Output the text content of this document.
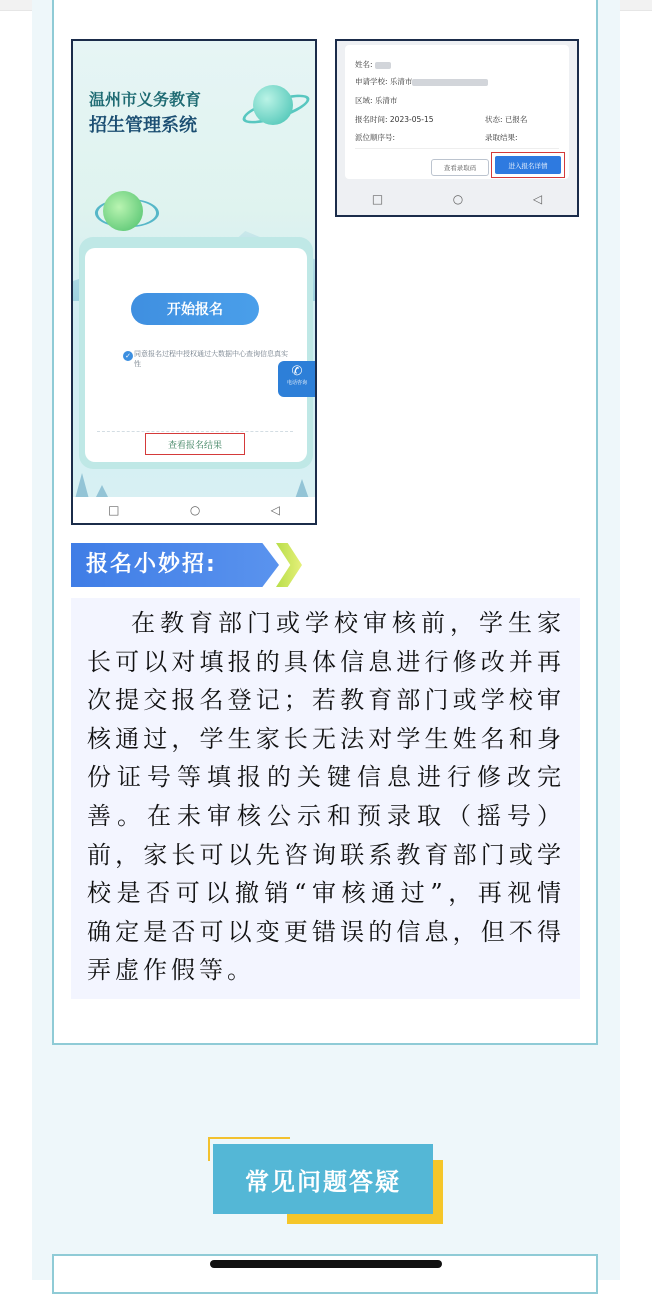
温州市义务教育
招生管理系统
开始报名
✓ 同意报名过程中授权通过大数据中心查询信息真实性	✆
电话咨询
查看报名结果
□	○	◁
姓名:
申请学校: 乐清市
区域: 乐清市
报名时间: 2023-05-15	状态: 已报名
派位顺序号:	录取结果:
查看录取码	进入报名详情
□	○	◁
报名小妙招:

在教育部门或学校审核前，学生家长可以对填报的具体信息进行修改并再次提交报名登记；若教育部门或学校审核通过，学生家长无法对学生姓名和身份证号等填报的关键信息进行修改完善。在未审核公示和预录取（摇号）前，家长可以先咨询联系教育部门或学校是否可以撤销“审核通过”，再视情确定是否可以变更错误的信息，但不得弄虚作假等。

常见问题答疑
